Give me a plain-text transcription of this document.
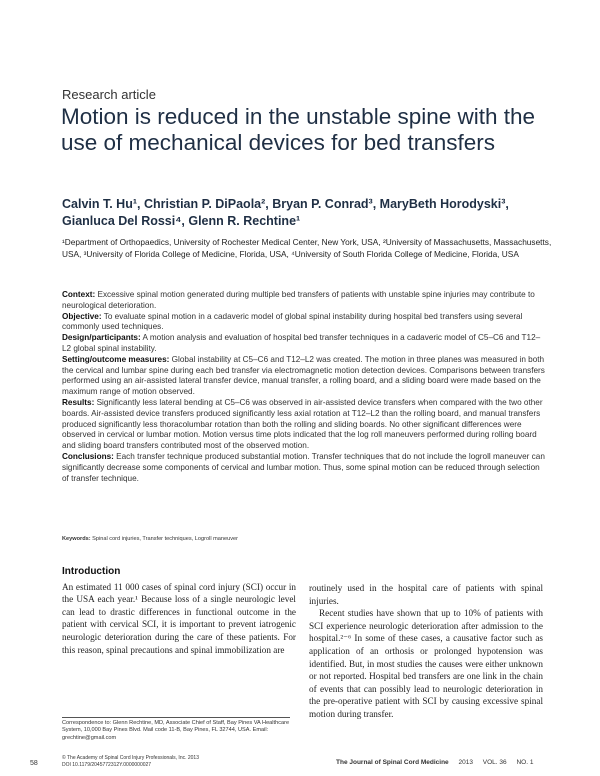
Research article
Motion is reduced in the unstable spine with the use of mechanical devices for bed transfers
Calvin T. Hu¹, Christian P. DiPaola², Bryan P. Conrad³, MaryBeth Horodyski³, Gianluca Del Rossi⁴, Glenn R. Rechtine¹
¹Department of Orthopaedics, University of Rochester Medical Center, New York, USA, ²University of Massachusetts, Massachusetts, USA, ³University of Florida College of Medicine, Florida, USA, ⁴University of South Florida College of Medicine, Florida, USA

Context: Excessive spinal motion generated during multiple bed transfers of patients with unstable spine injuries may contribute to neurological deterioration.

Objective: To evaluate spinal motion in a cadaveric model of global spinal instability during hospital bed transfers using several commonly used techniques.

Design/participants: A motion analysis and evaluation of hospital bed transfer techniques in a cadaveric model of C5–C6 and T12–L2 global spinal instability.

Setting/outcome measures: Global instability at C5–C6 and T12–L2 was created. The motion in three planes was measured in both the cervical and lumbar spine during each bed transfer via electromagnetic motion detection devices. Comparisons between transfers performed using an air-assisted lateral transfer device, manual transfer, a rolling board, and a sliding board were made based on the maximum range of motion observed.

Results: Significantly less lateral bending at C5–C6 was observed in air-assisted device transfers when compared with the two other boards. Air-assisted device transfers produced significantly less axial rotation at T12–L2 than the rolling board, and manual transfers produced significantly less thoracolumbar rotation than both the rolling and sliding boards. No other significant differences were observed in cervical or lumbar motion. Motion versus time plots indicated that the log roll maneuvers performed during rolling board and sliding board transfers contributed most of the observed motion.

Conclusions: Each transfer technique produced substantial motion. Transfer techniques that do not include the logroll maneuver can significantly decrease some components of cervical and lumbar motion. Thus, some spinal motion can be reduced through selection of transfer technique.

Keywords: Spinal cord injuries, Transfer techniques, Logroll maneuver
Introduction

An estimated 11 000 cases of spinal cord injury (SCI) occur in the USA each year.¹ Because loss of a single neurologic level can lead to drastic differences in functional outcome in the patient with cervical SCI, it is important to prevent iatrogenic neurologic deterioration during the care of these patients. For this reason, spinal precautions and spinal immobilization are

routinely used in the hospital care of patients with spinal injuries.

Recent studies have shown that up to 10% of patients with SCI experience neurologic deterioration after admission to the hospital.²⁻⁶ In some of these cases, a causative factor such as application of an orthosis or prolonged hypotension was identified. But, in most studies the causes were either unknown or not reported. Hospital bed transfers are one link in the chain of events that can possibly lead to neurologic deterioration in the pre-operative patient with SCI by causing excessive spinal motion during transfer.

Correspondence to: Glenn Rechtine, MD, Associate Chief of Staff, Bay Pines VA Healthcare System, 10,000 Bay Pines Blvd. Mail code 11-B, Bay Pines, FL 32744, USA. Email: grechtine@gmail.com
58
© The Academy of Spinal Cord Injury Professionals, Inc. 2013
DOI 10.1179/2045772312Y.0000000027	The Journal of Spinal Cord Medicine 2013 VOL. 36 NO. 1
